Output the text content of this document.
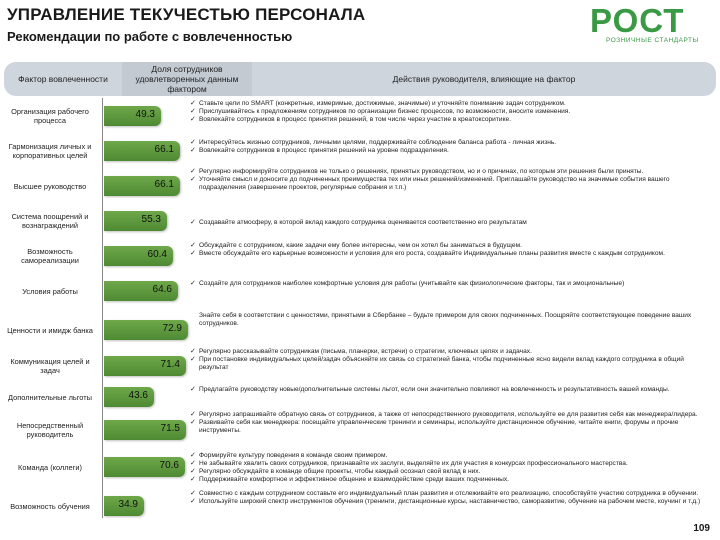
УПРАВЛЕНИЕ ТЕКУЧЕСТЬЮ ПЕРСОНАЛА
Рекомендации по работе с вовлеченностью	РОСТ
РОЗНИЧНЫЕ СТАНДАРТЫ
Фактор вовлеченности
Доля сотрудников удовлетворенных данным фактором
Действия руководителя, влияющие на фактор
Организация рабочего процесса
49.3
✓ Ставьте цели по SMART (конкретные, измеримые, достижимые, значимые) и уточняйте понимание задач сотрудником.
✓ Прислушивайтесь к предложениям сотрудников по организации бизнес процессов, по возможности, вносите изменения.
✓ Вовлекайте сотрудников в процесс принятия решений, в том числе через участие в креатоксоритике.
Гармонизация личных и корпоративных целей
66.1
✓ Интересуйтесь жизнью сотрудников, личными целями, поддерживайте соблюдение баланса работа - личная жизнь.
✓ Вовлекайте сотрудников в процесс принятия решений на уровне подразделения.
Высшее руководство	66.1
✓ Регулярно информируйте сотрудников не только о решениях, принятых руководством, но и о причинах, по которым эти решения были приняты.
✓ Уточняйте смысл и доносите до подчиненных преимущества тех или иных решений/изменений. Приглашайте руководство на значимые события вашего подразделения (завершение проектов, регулярные собрания и т.п.)
Система поощрений и вознаграждений
55.3
✓	Создавайте атмосферу, в которой вклад каждого сотрудника оценивается соответственно его результатам
Возможность самореализации
60.4
✓ Обсуждайте с сотрудником, какие задачи ему более интересны, чем он хотел бы заниматься в будущем.
✓ Вместе обсуждайте его карьерные возможности и условия для его роста, создавайте Индивидуальные планы развития вместе с каждым сотрудником.
Условия работы	64.6
✓ Создайте для сотрудников наиболее комфортные условия для работы (учитывайте как физиологические факторы, так и эмоциональные)
Ценности и имидж банка	72.9
Знайте себя в соответствии с ценностями, принятыми в Сбербанке – будьте примером для своих подчиненных. Поощряйте соответствующее поведение ваших сотрудников.
Коммуникация целей и задач
71.4
✓ Регулярно рассказывайте сотрудникам (письма, планерки, встречи) о стратегии, ключевых целях и задачах.
✓ При постановке индивидуальных целей/задач объясняйте их связь со стратегией банка, чтобы подчиненные ясно видели вклад каждого сотрудника в общий результат
Дополнительные льготы	43.6
✓ Предлагайте руководству новые/дополнительные системы льгот, если они значительно повлияют на вовлеченность и результативность вашей команды.
Непосредственный руководитель
71.5
✓ Регулярно запрашивайте обратную связь от сотрудников, а также от непосредственного руководителя, используйте ее для развития себя как менеджера/лидера.
✓ Развивайте себя как менеджера: посещайте управленческие тренинги и семинары, используйте дистанционное обучение, читайте книги, форумы и прочие инструменты.
Команда (коллеги)	70.6
✓ Формируйте культуру поведения в команде своим примером.
✓ Не забывайте хвалить своих сотрудников, признавайте их заслуги, выделяйте их для участия в конкурсах профессионального мастерства.
✓ Регулярно обсуждайте в команде общие проекты, чтобы каждый осознал свой вклад в них.
✓ Поддерживайте комфортное и эффективное общение и взаимодействие среди ваших подчиненных.
Возможность обучения	34.9
✓ Совместно с каждым сотрудником составьте его индивидуальный план развития и отслеживайте его реализацию, способствуйте участию сотрудника в обучении.
✓ Используйте широкий спектр инструментов обучения (тренинги, дистанционные курсы, наставничество, саморазвитие, обучение на рабочем месте, коучинг и т.д.)
109
